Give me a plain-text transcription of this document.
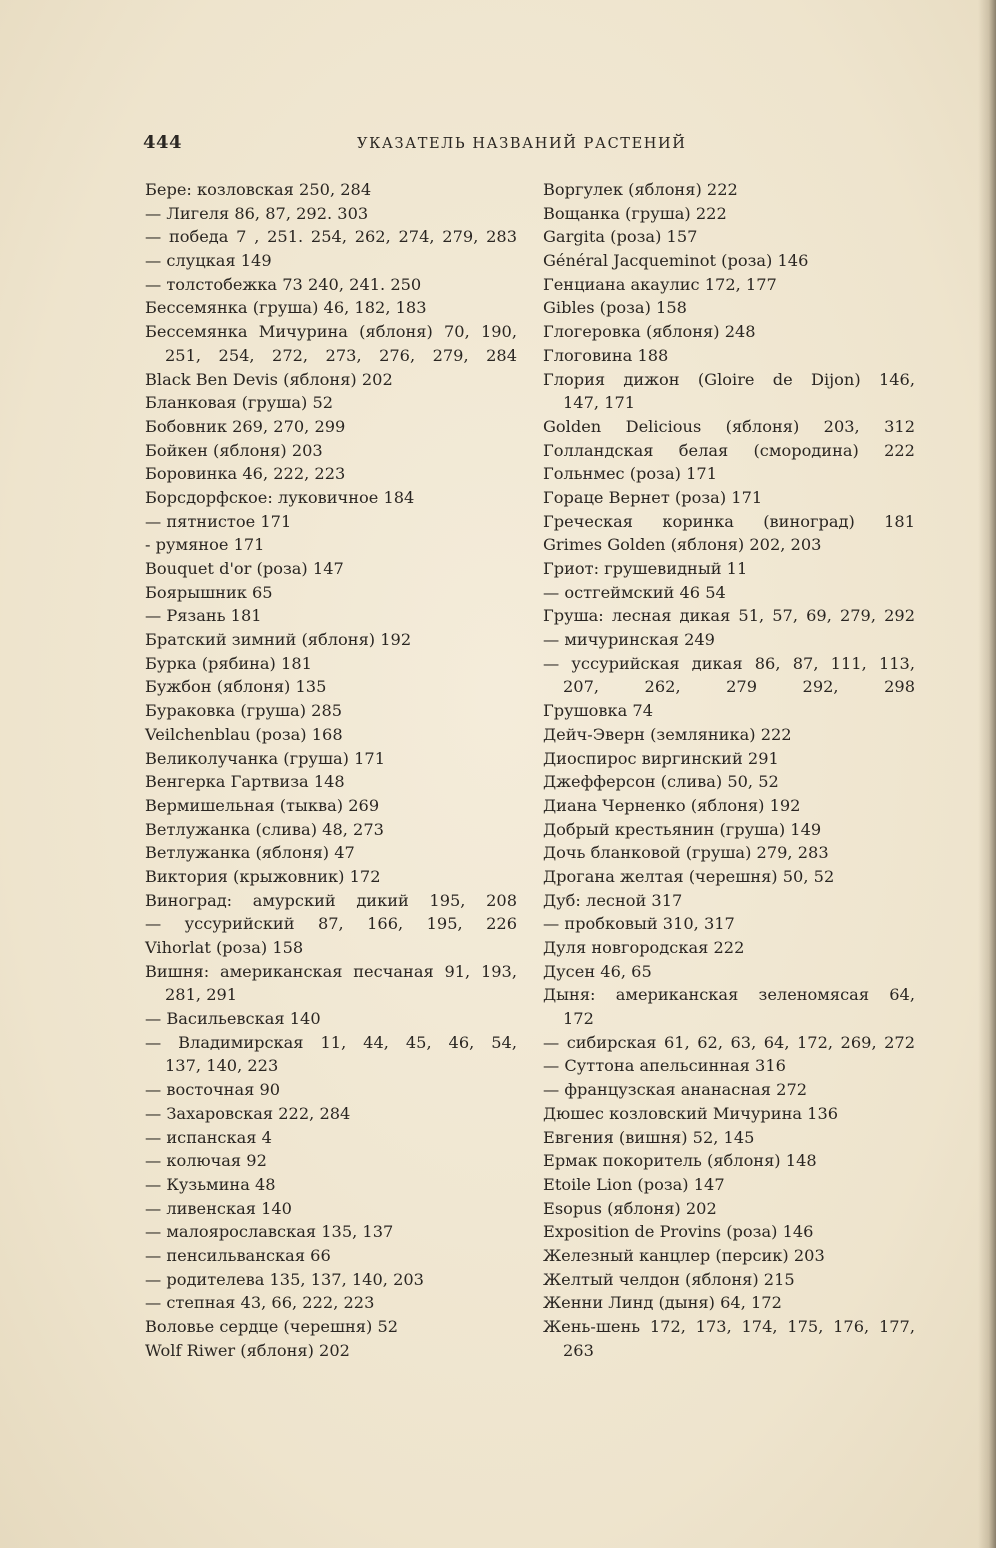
444	УКАЗАТЕЛЬ НАЗВАНИЙ РАСТЕНИЙ
Бере: козловская 250, 284
— Лигеля 86, 87, 292. 303
— победа 7 , 251. 254, 262, 274, 279, 283
— слуцкая 149
— толстобежка 73 240, 241. 250
Бессемянка (груша) 46, 182, 183
Бессемянка Мичурина (яблоня) 70, 190,
251, 254, 272, 273, 276, 279, 284
Black Ben Devis (яблоня) 202
Бланковая (груша) 52
Бобовник 269, 270, 299
Бойкен (яблоня) 203
Боровинка 46, 222, 223
Борсдорфское: луковичное 184
— пятнистое 171
- румяное 171
Bouquet d'or (роза) 147
Боярышник 65
— Рязань 181
Братский зимний (яблоня) 192
Бурка (рябина) 181
Бужбон (яблоня) 135
Бураковка (груша) 285
Veilchenblau (роза) 168
Великолучанка (груша) 171
Венгерка Гартвиза 148
Вермишельная (тыква) 269
Ветлужанка (слива) 48, 273
Ветлужанка (яблоня) 47
Виктория (крыжовник) 172
Виноград: амурский дикий 195, 208
— уссурийский 87, 166, 195, 226
Vihorlat (роза) 158
Вишня: американская песчаная 91, 193,
281, 291
— Васильевская 140
— Владимирская 11, 44, 45, 46, 54,
137, 140, 223
— восточная 90
— Захаровская 222, 284
— испанская 4
— колючая 92
— Кузьмина 48
— ливенская 140
— малоярославская 135, 137
— пенсильванская 66
— родителева 135, 137, 140, 203
— степная 43, 66, 222, 223
Воловье сердце (черешня) 52
Wolf Riwer (яблоня) 202
Воргулек (яблоня) 222
Вощанка (груша) 222
Gargita (роза) 157
Général Jacqueminot (роза) 146
Генциана акаулис 172, 177
Gibles (роза) 158
Глогеровка (яблоня) 248
Глоговина 188
Глория дижон (Gloire de Dijon) 146,
147, 171
Golden Delicious (яблоня) 203, 312
Голландская белая (смородина) 222
Гольнмес (роза) 171
Гораце Вернет (роза) 171
Греческая коринка (виноград) 181
Grimes Golden (яблоня) 202, 203
Гриот: грушевидный 11
— остгеймский 46 54
Груша: лесная дикая 51, 57, 69, 279, 292
— мичуринская 249
— уссурийская дикая 86, 87, 111, 113,
207, 262, 279 292, 298
Грушовка 74
Дейч-Эверн (земляника) 222
Диоспирос виргинский 291
Джефферсон (слива) 50, 52
Диана Черненко (яблоня) 192
Добрый крестьянин (груша) 149
Дочь бланковой (груша) 279, 283
Дрогана желтая (черешня) 50, 52
Дуб: лесной 317
— пробковый 310, 317
Дуля новгородская 222
Дусен 46, 65
Дыня: американская зеленомясая 64,
172
— сибирская 61, 62, 63, 64, 172, 269, 272
— Суттона апельсинная 316
— французская ананасная 272
Дюшес козловский Мичурина 136
Евгения (вишня) 52, 145
Ермак покоритель (яблоня) 148
Etoile Lion (роза) 147
Esopus (яблоня) 202
Exposition de Provins (роза) 146
Железный канцлер (персик) 203
Желтый челдон (яблоня) 215
Женни Линд (дыня) 64, 172
Жень-шень 172, 173, 174, 175, 176, 177,
263
